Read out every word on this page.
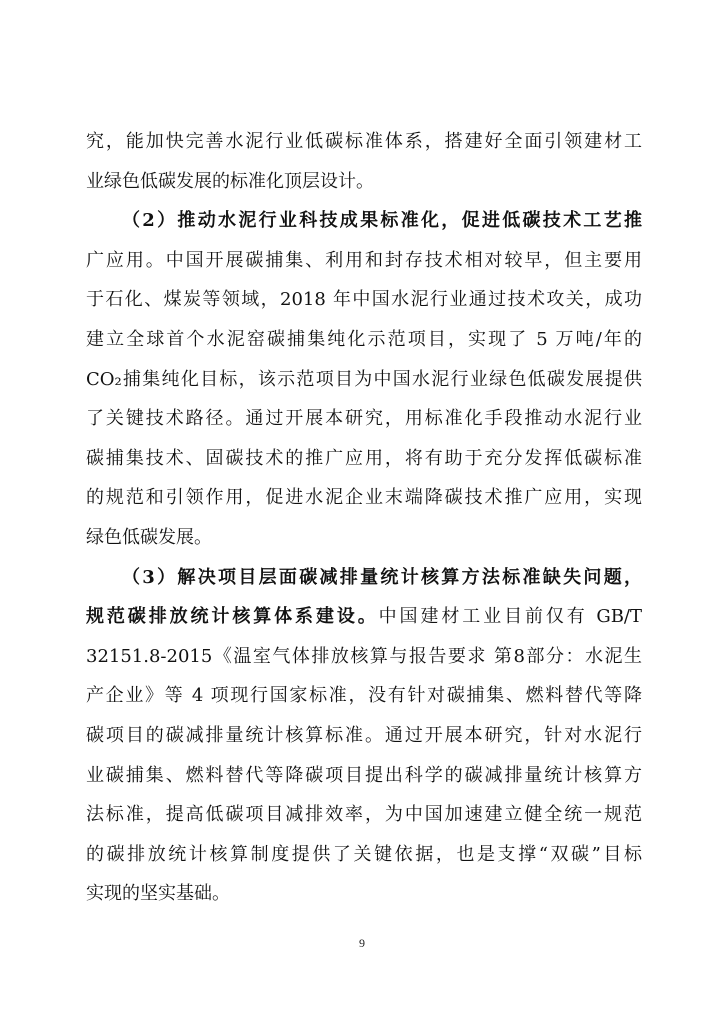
究，能加快完善水泥行业低碳标准体系，搭建好全面引领建材工
业绿色低碳发展的标准化顶层设计。
（2）推动水泥行业科技成果标准化，促进低碳技术工艺推
广应用。中国开展碳捕集、利用和封存技术相对较早，但主要用
于石化、煤炭等领域，2018 年中国水泥行业通过技术攻关，成功
建立全球首个水泥窑碳捕集纯化示范项目，实现了 5 万吨/年的
CO₂捕集纯化目标，该示范项目为中国水泥行业绿色低碳发展提供
了关键技术路径。通过开展本研究，用标准化手段推动水泥行业
碳捕集技术、固碳技术的推广应用，将有助于充分发挥低碳标准
的规范和引领作用，促进水泥企业末端降碳技术推广应用，实现
绿色低碳发展。
（3）解决项目层面碳减排量统计核算方法标准缺失问题，
规范碳排放统计核算体系建设。中国建材工业目前仅有 GB/T
32151.8-2015《温室气体排放核算与报告要求 第8部分：水泥生
产企业》等 4 项现行国家标准，没有针对碳捕集、燃料替代等降
碳项目的碳减排量统计核算标准。通过开展本研究，针对水泥行
业碳捕集、燃料替代等降碳项目提出科学的碳减排量统计核算方
法标准，提高低碳项目减排效率，为中国加速建立健全统一规范
的碳排放统计核算制度提供了关键依据，也是支撑“双碳”目标
实现的坚实基础。
9
